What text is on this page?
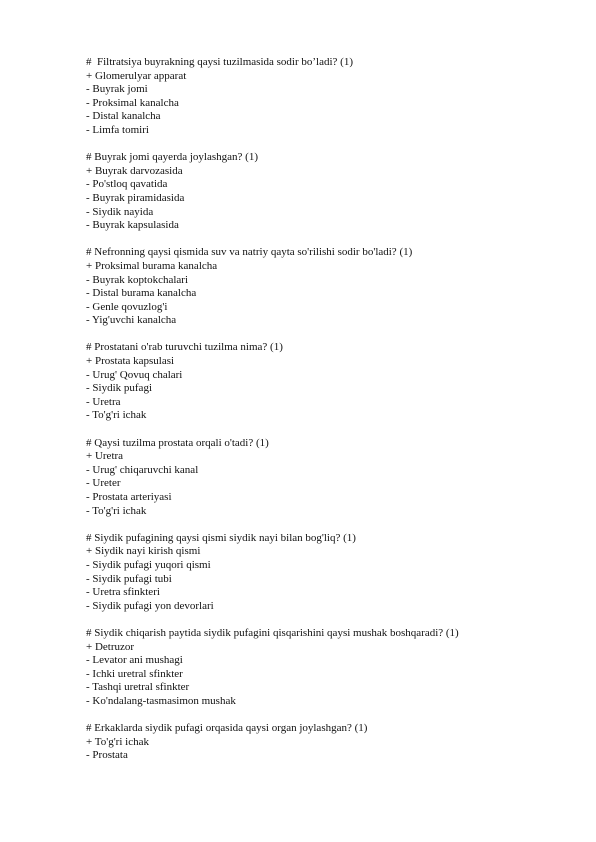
#  Filtratsiya buyrakning qaysi tuzilmasida sodir bo’ladi? (1)
+ Glomerulyar apparat
- Buyrak jomi
- Proksimal kanalcha
- Distal kanalcha
- Limfa tomiri
# Buyrak jomi qayerda joylashgan? (1)
+ Buyrak darvozasida
- Po'stloq qavatida
- Buyrak piramidasida
- Siydik nayida
- Buyrak kapsulasida
# Nefronning qaysi qismida suv va natriy qayta so'rilishi sodir bo'ladi? (1)
+ Proksimal burama kanalcha
- Buyrak koptokchalari
- Distal burama kanalcha
- Genle qovuzlog'i
- Yig'uvchi kanalcha
# Prostatani o'rab turuvchi tuzilma nima? (1)
+ Prostata kapsulasi
- Urug' Qovuq chalari
- Siydik pufagi
- Uretra
- To'g'ri ichak
# Qaysi tuzilma prostata orqali o'tadi? (1)
+ Uretra
- Urug' chiqaruvchi kanal
- Ureter
- Prostata arteriyasi
- To'g'ri ichak
# Siydik pufagining qaysi qismi siydik nayi bilan bog'liq? (1)
+ Siydik nayi kirish qismi
- Siydik pufagi yuqori qismi
- Siydik pufagi tubi
- Uretra sfinkteri
- Siydik pufagi yon devorlari
# Siydik chiqarish paytida siydik pufagini qisqarishini qaysi mushak boshqaradi? (1)
+ Detruzor
- Levator ani mushagi
- Ichki uretral sfinkter
- Tashqi uretral sfinkter
- Ko'ndalang-tasmasimon mushak
# Erkaklarda siydik pufagi orqasida qaysi organ joylashgan? (1)
+ To'g'ri ichak
- Prostata
